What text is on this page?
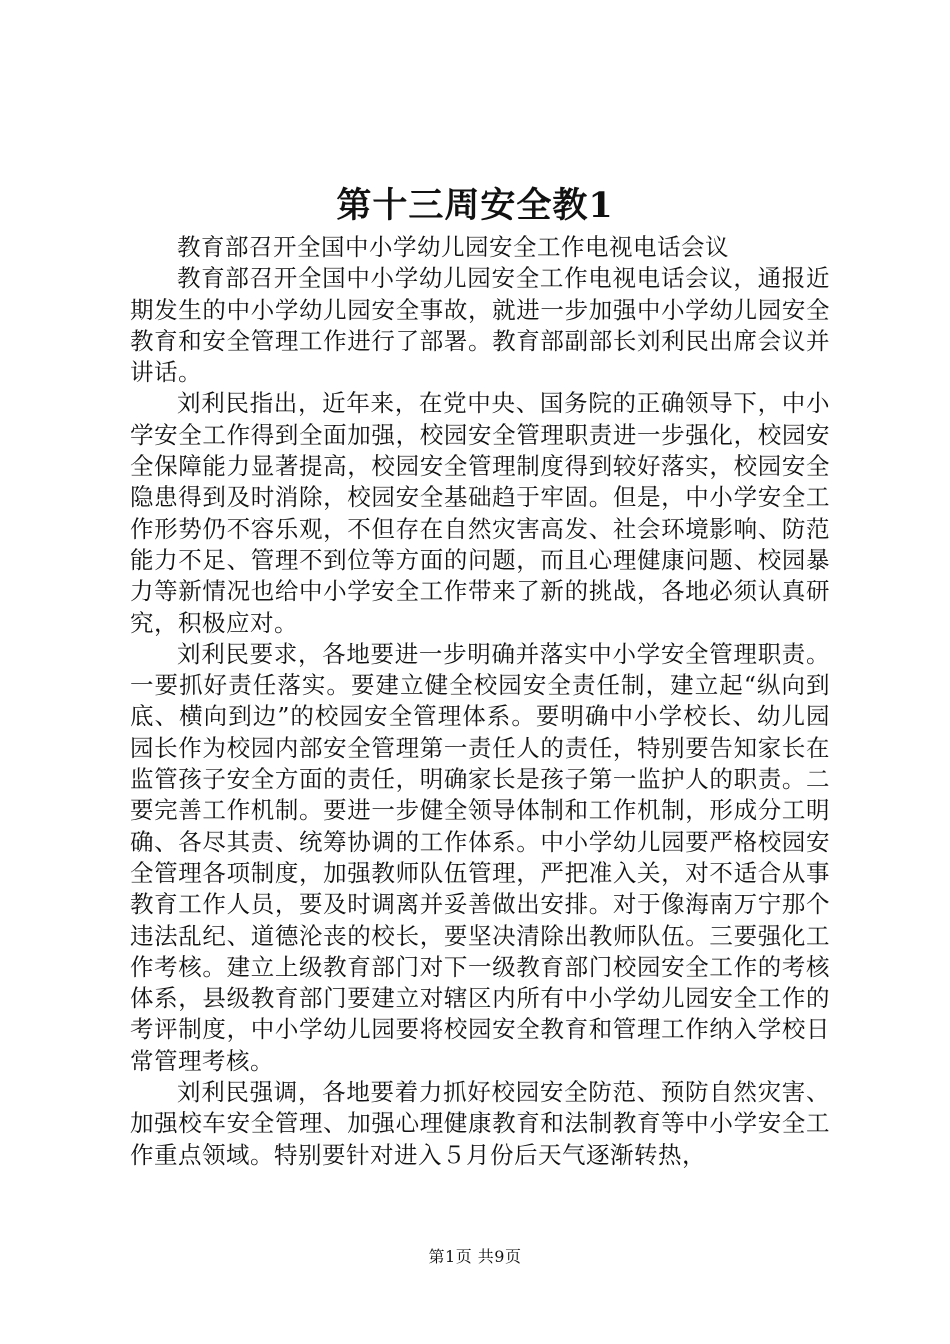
第十三周安全教1

教育部召开全国中小学幼儿园安全工作电视电话会议

教育部召开全国中小学幼儿园安全工作电视电话会议，通报近期发生的中小学幼儿园安全事故，就进一步加强中小学幼儿园安全教育和安全管理工作进行了部署。教育部副部长刘利民出席会议并讲话。

刘利民指出，近年来，在党中央、国务院的正确领导下，中小学安全工作得到全面加强，校园安全管理职责进一步强化，校园安全保障能力显著提高，校园安全管理制度得到较好落实，校园安全隐患得到及时消除，校园安全基础趋于牢固。但是，中小学安全工作形势仍不容乐观，不但存在自然灾害高发、社会环境影响、防范能力不足、管理不到位等方面的问题，而且心理健康问题、校园暴力等新情况也给中小学安全工作带来了新的挑战，各地必须认真研究，积极应对。

刘利民要求，各地要进一步明确并落实中小学安全管理职责。一要抓好责任落实。要建立健全校园安全责任制，建立起“纵向到底、横向到边”的校园安全管理体系。要明确中小学校长、幼儿园园长作为校园内部安全管理第一责任人的责任，特别要告知家长在监管孩子安全方面的责任，明确家长是孩子第一监护人的职责。二要完善工作机制。要进一步健全领导体制和工作机制，形成分工明确、各尽其责、统筹协调的工作体系。中小学幼儿园要严格校园安全管理各项制度，加强教师队伍管理，严把准入关，对不适合从事教育工作人员，要及时调离并妥善做出安排。对于像海南万宁那个违法乱纪、道德沦丧的校长，要坚决清除出教师队伍。三要强化工作考核。建立上级教育部门对下一级教育部门校园安全工作的考核体系，县级教育部门要建立对辖区内所有中小学幼儿园安全工作的考评制度，中小学幼儿园要将校园安全教育和管理工作纳入学校日常管理考核。

刘利民强调，各地要着力抓好校园安全防范、预防自然灾害、加强校车安全管理、加强心理健康教育和法制教育等中小学安全工作重点领域。特别要针对进入５月份后天气逐渐转热，

第1页 共9页
